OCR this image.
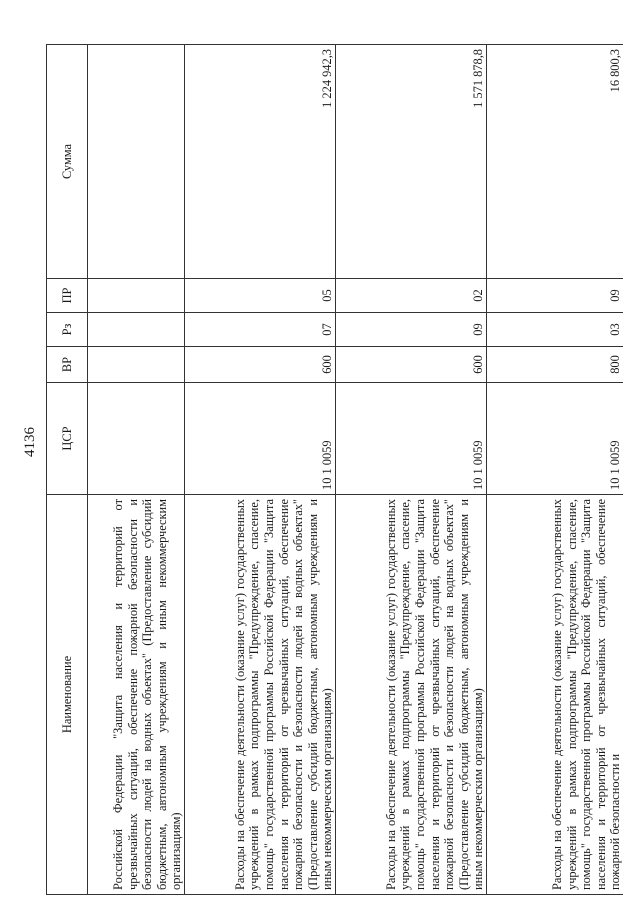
4136
Наименование	ЦСР	ВР	Рз	ПР	Сумма
Российской Федерации "Защита населения и территорий от чрезвычайных ситуаций, обеспечение пожарной безопасности и безопасности людей на водных объектах" (Предоставление субсидий бюджетным, автономным учреждениям и иным некоммерческим организациям)					
Расходы на обеспечение деятельности (оказание услуг) государственных учреждений в рамках подпрограммы "Предупреждение, спасение, помощь" государственной программы Российской Федерации "Защита населения и территорий от чрезвычайных ситуаций, обеспечение пожарной безопасности и безопасности людей на водных объектах" (Предоставление субсидий бюджетным, автономным учреждениям и иным некоммерческим организациям)	10 1 0059	600	07	05	1 224 942,3
Расходы на обеспечение деятельности (оказание услуг) государственных учреждений в рамках подпрограммы "Предупреждение, спасение, помощь" государственной программы Российской Федерации "Защита населения и территорий от чрезвычайных ситуаций, обеспечение пожарной безопасности и безопасности людей на водных объектах" (Предоставление субсидий бюджетным, автономным учреждениям и иным некоммерческим организациям)	10 1 0059	600	09	02	1 571 878,8
Расходы на обеспечение деятельности (оказание услуг) государственных учреждений в рамках подпрограммы "Предупреждение, спасение, помощь" государственной программы Российской Федерации "Защита населения и территорий от чрезвычайных ситуаций, обеспечение пожарной безопасности и	10 1 0059	800	03	09	16 800,3
